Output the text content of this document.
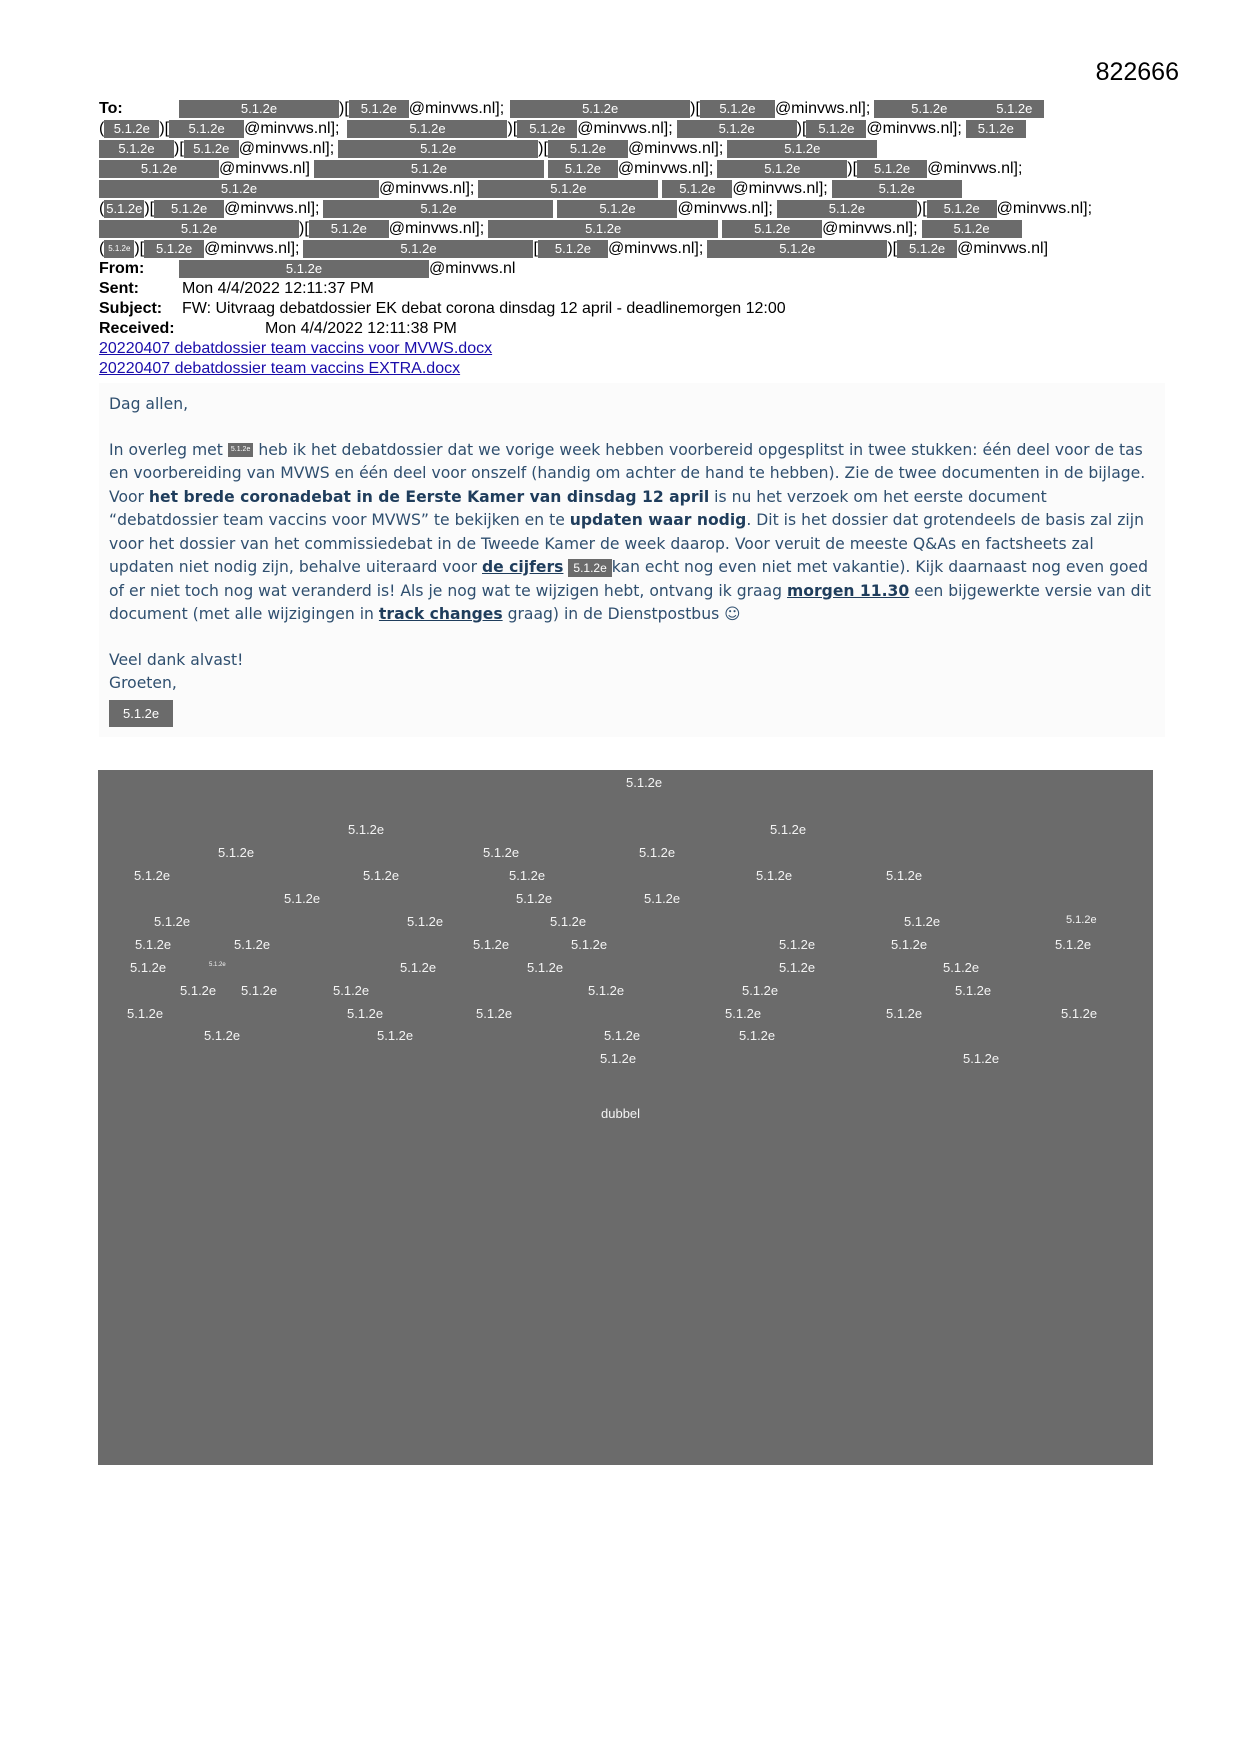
822666
To:	5.1.2e	)[ 5.1.2e @minvws.nl];	5.1.2e	)[ 5.1.2e @minvws.nl];	5.1.2e	5.1.2e
( 5.1.2e )[ 5.1.2e @minvws.nl];	5.1.2e	)[ 5.1.2e @minvws.nl];	5.1.2e	)[ 5.1.2e @minvws.nl]; 5.1.2e
5.1.2e )[ 5.1.2e @minvws.nl];	5.1.2e	)[ 5.1.2e @minvws.nl];	5.1.2e
5.1.2e	@minvws.nl]	5.1.2e	5.1.2e @minvws.nl];	5.1.2e	)[ 5.1.2e @minvws.nl];
5.1.2e	@minvws.nl];	5.1.2e	5.1.2e @minvws.nl];	5.1.2e
( 5.1.2e )[ 5.1.2e @minvws.nl];	5.1.2e	5.1.2e	@minvws.nl];	5.1.2e	)[ 5.1.2e @minvws.nl];
5.1.2e	)[ 5.1.2e @minvws.nl];	5.1.2e	5.1.2e @minvws.nl];	5.1.2e
( 5.1.2e )[ 5.1.2e @minvws.nl];	5.1.2e	[ 5.1.2e @minvws.nl];	5.1.2e	)[ 5.1.2e @minvws.nl]
From:	5.1.2e	@minvws.nl
Sent:	Mon 4/4/2022 12:11:37 PM
Subject: FW: Uitvraag debatdossier EK debat corona dinsdag 12 april - deadlinemorgen 12:00
Received:	Mon 4/4/2022 12:11:38 PM
20220407 debatdossier team vaccins voor MVWS.docx
20220407 debatdossier team vaccins EXTRA.docx

Dag allen,

In overleg met 5.1.2e heb ik het debatdossier dat we vorige week hebben voorbereid opgesplitst in twee stukken: één deel voor de tas en voorbereiding van MVWS en één deel voor onszelf (handig om achter de hand te hebben). Zie de twee documenten in de bijlage.

Voor het brede coronadebat in de Eerste Kamer van dinsdag 12 april is nu het verzoek om het eerste document “debatdossier team vaccins voor MVWS” te bekijken en te updaten waar nodig. Dit is het dossier dat grotendeels de basis zal zijn voor het dossier van het commissiedebat in de Tweede Kamer de week daarop. Voor veruit de meeste Q&As en factsheets zal updaten niet nodig zijn, behalve uiteraard voor de cijfers 5.1.2e kan echt nog even niet met vakantie). Kijk daarnaast nog even goed of er niet toch nog wat veranderd is! Als je nog wat te wijzigen hebt, ontvang ik graag morgen 11.30 een bijgewerkte versie van dit document (met alle wijzigingen in track changes graag) in de Dienstpostbus ☺

Veel dank alvast!

Groeten,

5.1.2e
5.1.2e
5.1.2e	5.1.2e
5.1.2e	5.1.2e	5.1.2e
5.1.2e	5.1.2e	5.1.2e	5.1.2e	5.1.2e
5.1.2e	5.1.2e	5.1.2e
5.1.2e	5.1.2e	5.1.2e	5.1.2e	5.1.2e
5.1.2e	5.1.2e	5.1.2e	5.1.2e	5.1.2e	5.1.2e	5.1.2e
5.1.2e	5.1.2e	5.1.2e	5.1.2e	5.1.2e	5.1.2e
5.1.2e 5.1.2e	5.1.2e	5.1.2e	5.1.2e	5.1.2e
5.1.2e	5.1.2e	5.1.2e	5.1.2e	5.1.2e	5.1.2e
5.1.2e	5.1.2e	5.1.2e	5.1.2e
5.1.2e	5.1.2e
dubbel
